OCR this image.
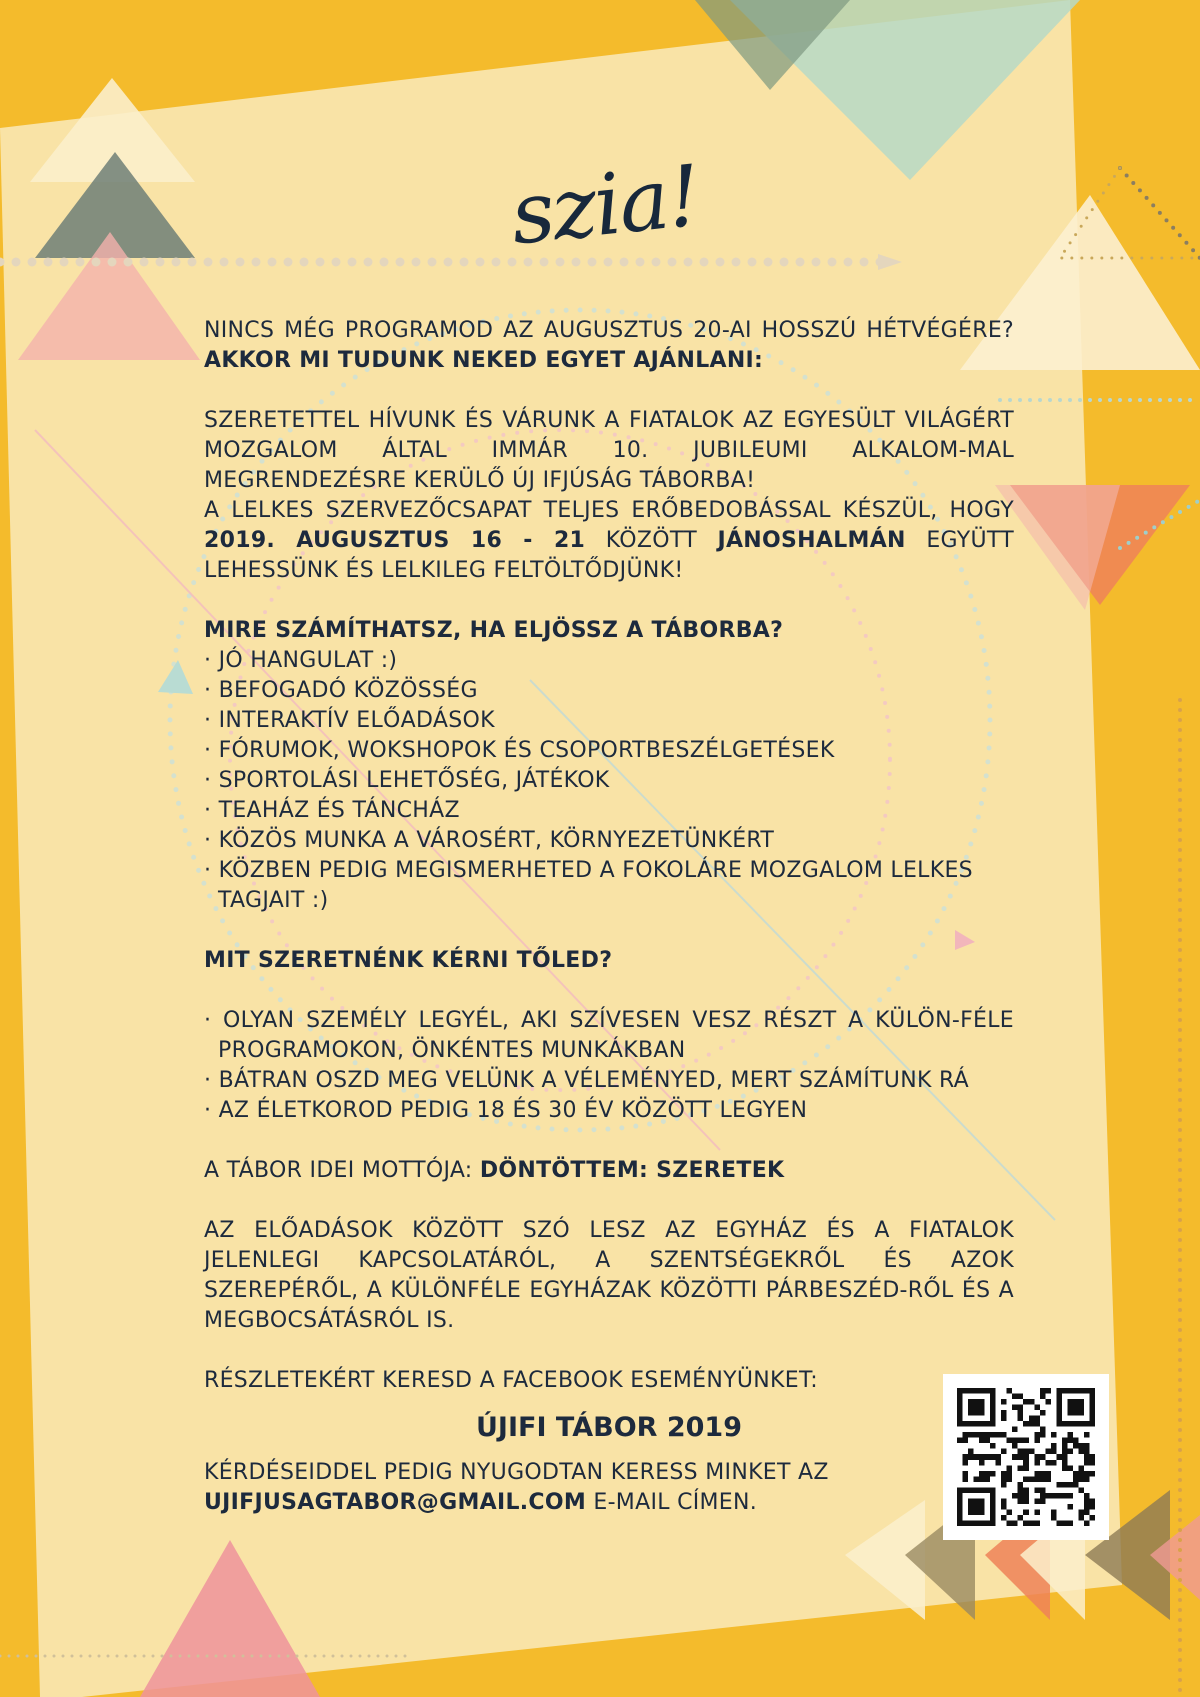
szia!

NINCS MÉG PROGRAMOD AZ AUGUSZTUS 20-AI HOSSZÚ HÉTVÉGÉRE? AKKOR MI TUDUNK NEKED EGYET AJÁNLANI:

SZERETETTEL HÍVUNK ÉS VÁRUNK A FIATALOK AZ EGYESÜLT VILÁGÉRT MOZGALOM ÁLTAL IMMÁR 10. JUBILEUMI ALKALOM-MAL MEGRENDEZÉSRE KERÜLŐ ÚJ IFJÚSÁG TÁBORBA!

A LELKES SZERVEZŐCSAPAT TELJES ERŐBEDOBÁSSAL KÉSZÜL, HOGY 2019. AUGUSZTUS 16 - 21 KÖZÖTT JÁNOSHALMÁN EGYÜTT LEHESSÜNK ÉS LELKILEG FELTÖLTŐDJÜNK!

MIRE SZÁMÍTHATSZ, HA ELJÖSSZ A TÁBORBA?

· JÓ HANGULAT :)

· BEFOGADÓ KÖZÖSSÉG

· INTERAKTÍV ELŐADÁSOK

· FÓRUMOK, WOKSHOPOK ÉS CSOPORTBESZÉLGETÉSEK

· SPORTOLÁSI LEHETŐSÉG, JÁTÉKOK

· TEAHÁZ ÉS TÁNCHÁZ

· KÖZÖS MUNKA A VÁROSÉRT, KÖRNYEZETÜNKÉRT

· KÖZBEN PEDIG MEGISMERHETED A FOKOLÁRE MOZGALOM LELKES TAGJAIT :)

MIT SZERETNÉNK KÉRNI TŐLED?

· OLYAN SZEMÉLY LEGYÉL, AKI SZÍVESEN VESZ RÉSZT A KÜLÖN-FÉLE PROGRAMOKON, ÖNKÉNTES MUNKÁKBAN

· BÁTRAN OSZD MEG VELÜNK A VÉLEMÉNYED, MERT SZÁMÍTUNK RÁ

· AZ ÉLETKOROD PEDIG 18 ÉS 30 ÉV KÖZÖTT LEGYEN

A TÁBOR IDEI MOTTÓJA: DÖNTÖTTEM: SZERETEK

AZ ELŐADÁSOK KÖZÖTT SZÓ LESZ AZ EGYHÁZ ÉS A FIATALOK JELENLEGI KAPCSOLATÁRÓL, A SZENTSÉGEKRŐL ÉS AZOK SZEREPÉRŐL, A KÜLÖNFÉLE EGYHÁZAK KÖZÖTTI PÁRBESZÉD-RŐL ÉS A MEGBOCSÁTÁSRÓL IS.

RÉSZLETEKÉRT KERESD A FACEBOOK ESEMÉNYÜNKET:

KÉRDÉSEIDDEL PEDIG NYUGODTAN KERESS MINKET AZ

UJIFJUSAGTABOR@GMAIL.COM E-MAIL CÍMEN.

ÚJIFI TÁBOR 2019
